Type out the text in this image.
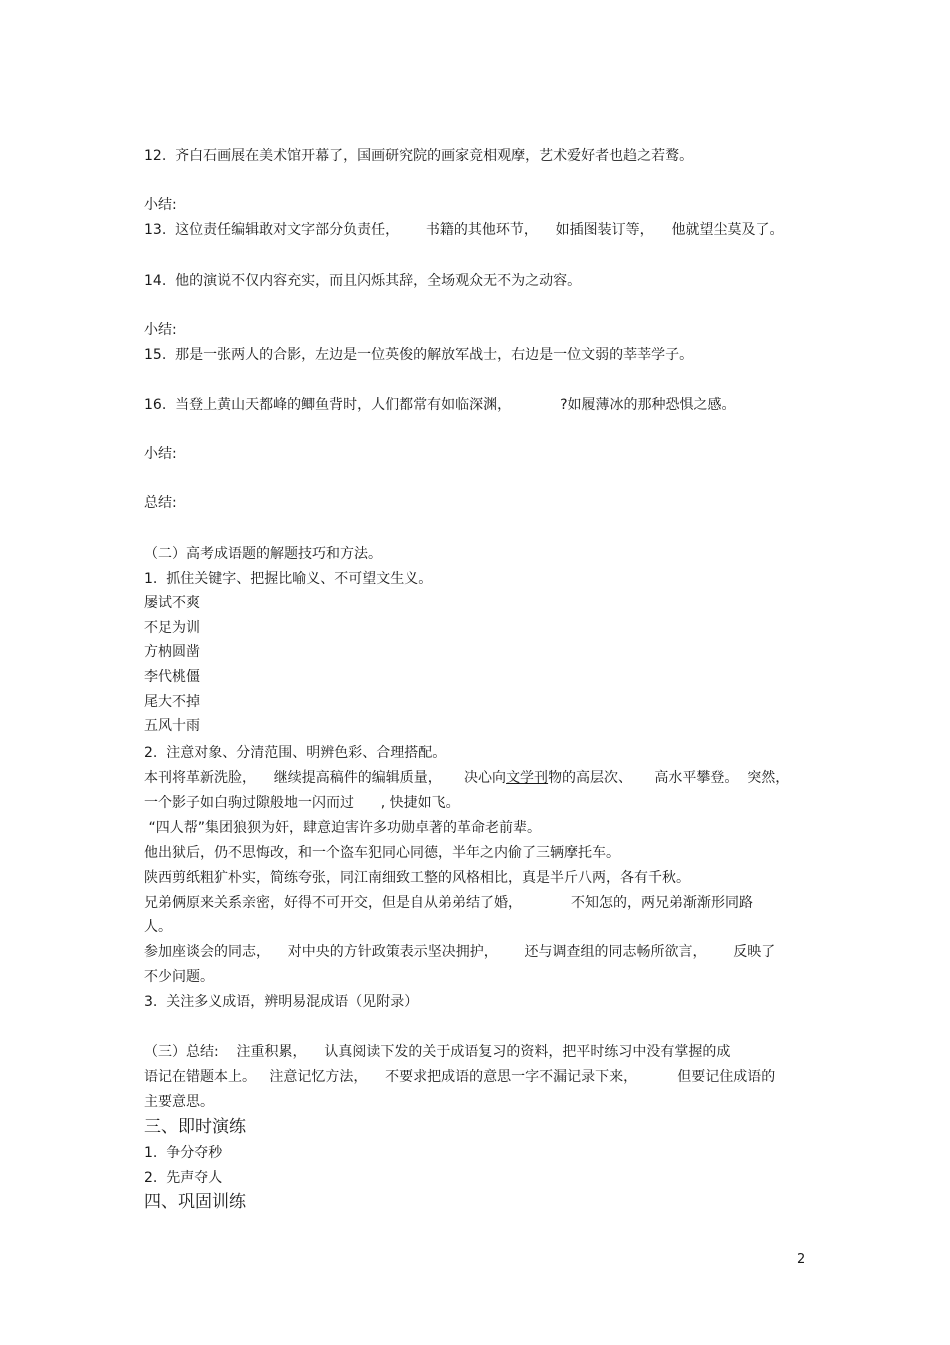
12.  齐白石画展在美术馆开幕了，国画研究院的画家竞相观摩，艺术爱好者也趋之若鹜。
小结:
13.  这位责任编辑敢对文字部分负责任，      书籍的其他环节，    如插图装订等，    他就望尘莫及了。
14.  他的演说不仅内容充实，而且闪烁其辞，全场观众无不为之动容。
小结:
15.  那是一张两人的合影，左边是一位英俊的解放军战士，右边是一位文弱的莘莘学子。
16.  当登上黄山天都峰的鲫鱼背时，人们都常有如临深渊，           ?如履薄冰的那种恐惧之感。
小结:
总结:
（二）高考成语题的解题技巧和方法。
1.  抓住关键字、把握比喻义、不可望文生义。
屡试不爽
不足为训
方枘圆凿
李代桃僵
尾大不掉
五风十雨
2.  注意对象、分清范围、明辨色彩、合理搭配。
本刊将革新洗脸，    继续提高稿件的编辑质量，     决心向文学刊物的高层次、     高水平攀登。  突然，
一个影子如白驹过隙般地一闪而过      , 快捷如飞。
“四人帮”集团狼狈为奸，肆意迫害许多功勋卓著的革命老前辈。
他出狱后，仍不思悔改，和一个盗车犯同心同德，半年之内偷了三辆摩托车。
陕西剪纸粗犷朴实，简练夸张，同江南细致工整的风格相比，真是半斤八两，各有千秋。
兄弟俩原来关系亲密，好得不可开交，但是自从弟弟结了婚，           不知怎的，两兄弟渐渐形同路
人。
参加座谈会的同志，    对中央的方针政策表示坚决拥护，      还与调查组的同志畅所欲言，      反映了
不少问题。
3.  关注多义成语，辨明易混成语（见附录）
（三）总结:    注重积累，    认真阅读下发的关于成语复习的资料，把平时练习中没有掌握的成
语记在错题本上。   注意记忆方法，    不要求把成语的意思一字不漏记录下来，         但要记住成语的
主要意思。
三、即时演练
1.  争分夺秒
2.  先声夺人
四、巩固训练
2
